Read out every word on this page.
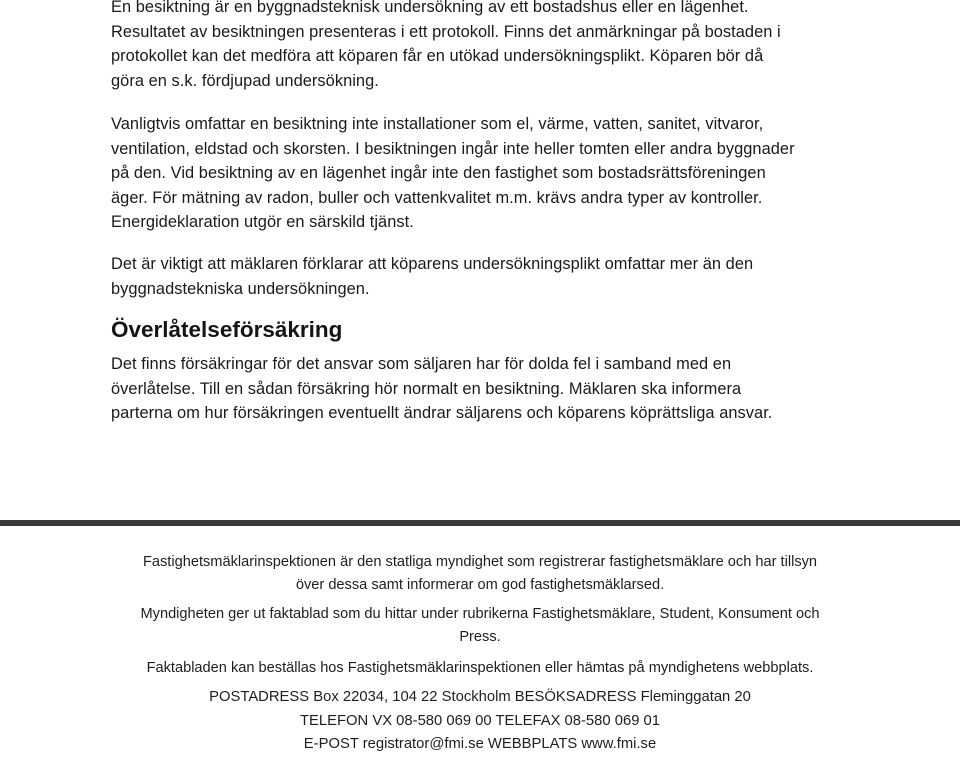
En besiktning är en byggnadsteknisk undersökning av ett bostadshus eller en lägenhet.
Resultatet av besiktningen presenteras i ett protokoll. Finns det anmärkningar på bostaden i
protokollet kan det medföra att köparen får en utökad undersökningsplikt. Köparen bör då
göra en s.k. fördjupad undersökning.

Vanligtvis omfattar en besiktning inte installationer som el, värme, vatten, sanitet, vitvaror,
ventilation, eldstad och skorsten. I besiktningen ingår inte heller tomten eller andra byggnader
på den. Vid besiktning av en lägenhet ingår inte den fastighet som bostadsrättsföreningen
äger. För mätning av radon, buller och vattenkvalitet m.m. krävs andra typer av kontroller.
Energideklaration utgör en särskild tjänst.

Det är viktigt att mäklaren förklarar att köparens undersökningsplikt omfattar mer än den
byggnadstekniska undersökningen.

Överlåtelseförsäkring

Det finns försäkringar för det ansvar som säljaren har för dolda fel i samband med en
överlåtelse. Till en sådan försäkring hör normalt en besiktning. Mäklaren ska informera
parterna om hur försäkringen eventuellt ändrar säljarens och köparens köprättsliga ansvar.

Fastighetsmäklarinspektionen är den statliga myndighet som registrerar fastighetsmäklare och har tillsyn
över dessa samt informerar om god fastighetsmäklarsed.

Myndigheten ger ut faktablad som du hittar under rubrikerna Fastighetsmäklare, Student, Konsument och
Press.

Faktabladen kan beställas hos Fastighetsmäklarinspektionen eller hämtas på myndighetens webbplats.

POSTADRESS Box 22034, 104 22 Stockholm BESÖKSADRESS Fleminggatan 20
TELEFON VX 08-580 069 00 TELEFAX 08-580 069 01
E-POST registrator@fmi.se WEBBPLATS www.fmi.se
